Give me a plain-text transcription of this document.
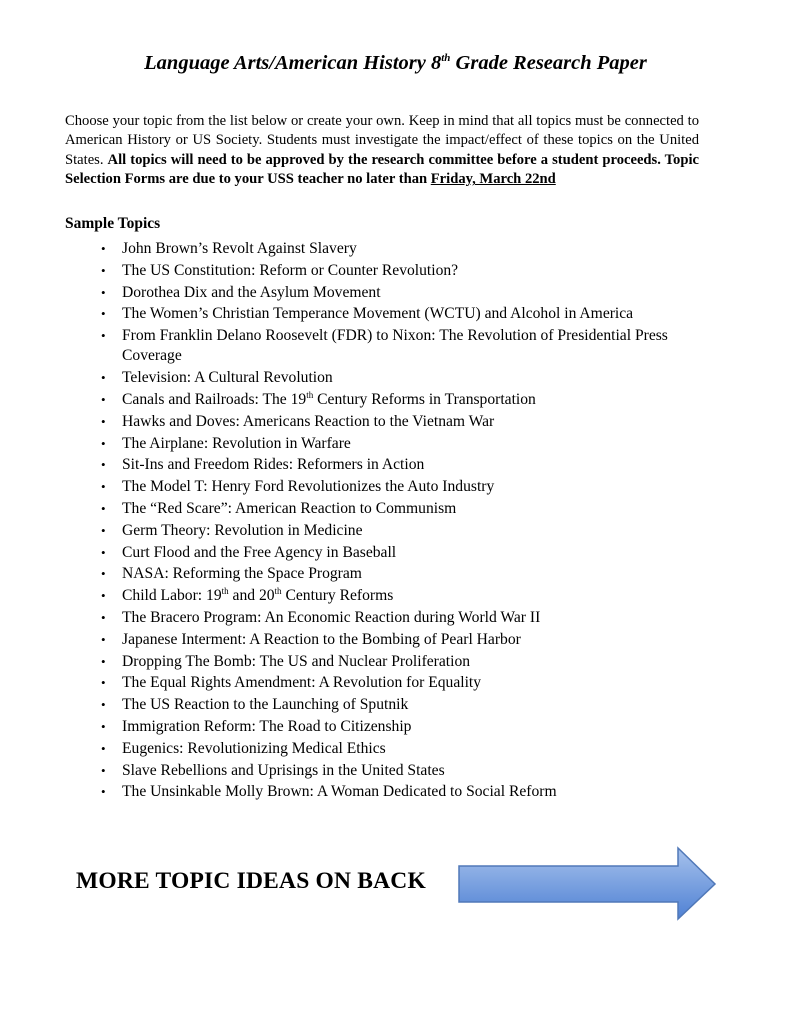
Language Arts/American History 8th Grade Research Paper
Choose your topic from the list below or create your own. Keep in mind that all topics must be connected to American History or US Society. Students must investigate the impact/effect of these topics on the United States. All topics will need to be approved by the research committee before a student proceeds. Topic Selection Forms are due to your USS teacher no later than Friday, March 22nd
Sample Topics
• John Brown’s Revolt Against Slavery
• The US Constitution: Reform or Counter Revolution?
• Dorothea Dix and the Asylum Movement
• The Women’s Christian Temperance Movement (WCTU) and Alcohol in America
• From Franklin Delano Roosevelt (FDR) to Nixon: The Revolution of Presidential Press Coverage
• Television: A Cultural Revolution
• Canals and Railroads: The 19th Century Reforms in Transportation
• Hawks and Doves: Americans Reaction to the Vietnam War
• The Airplane: Revolution in Warfare
• Sit-Ins and Freedom Rides: Reformers in Action
• The Model T: Henry Ford Revolutionizes the Auto Industry
• The “Red Scare”: American Reaction to Communism
• Germ Theory: Revolution in Medicine
• Curt Flood and the Free Agency in Baseball
• NASA: Reforming the Space Program
• Child Labor: 19th and 20th Century Reforms
• The Bracero Program: An Economic Reaction during World War II
• Japanese Interment: A Reaction to the Bombing of Pearl Harbor
• Dropping The Bomb: The US and Nuclear Proliferation
• The Equal Rights Amendment: A Revolution for Equality
• The US Reaction to the Launching of Sputnik
• Immigration Reform: The Road to Citizenship
• Eugenics: Revolutionizing Medical Ethics
• Slave Rebellions and Uprisings in the United States
• The Unsinkable Molly Brown: A Woman Dedicated to Social Reform
MORE TOPIC IDEAS ON BACK
